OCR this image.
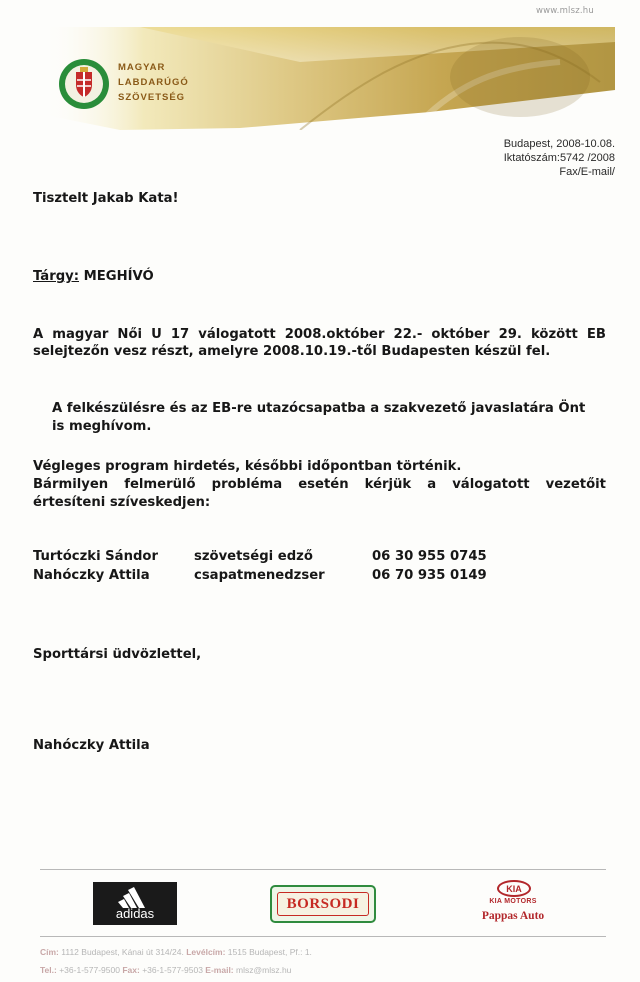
www.mlsz.hu
MAGYAR
LABDARÚGÓ
SZÖVETSÉG
Budapest, 2008-10.08.
Iktatószám:5742 /2008
Fax/E-mail/
Tisztelt Jakab Kata!
Tárgy: MEGHÍVÓ
A magyar Női U 17 válogatott 2008.október 22.- október 29. között EB
selejtezőn vesz részt, amelyre 2008.10.19.-től Budapesten készül fel.
A felkészülésre és az EB-re utazócsapatba a szakvezető javaslatára Önt
is meghívom.
Végleges program hirdetés, későbbi időpontban történik.
Bármilyen felmerülő probléma esetén kérjük a válogatott vezetőit
értesíteni szíveskedjen:
Turtóczki Sándor	szövetségi edző	06 30 955 0745
Nahóczky Attila	csapatmenedzser	06 70 935 0149
Sporttársi üdvözlettel,
Nahóczky Attila
adidas
BORSODI
KIA
KIA MOTORS
Pappas Auto
Cím: 1112 Budapest, Kánai út 314/24. Levélcím: 1515 Budapest, Pf.: 1.
Tel.: +36-1-577-9500 Fax: +36-1-577-9503 E-mail: mlsz@mlsz.hu
